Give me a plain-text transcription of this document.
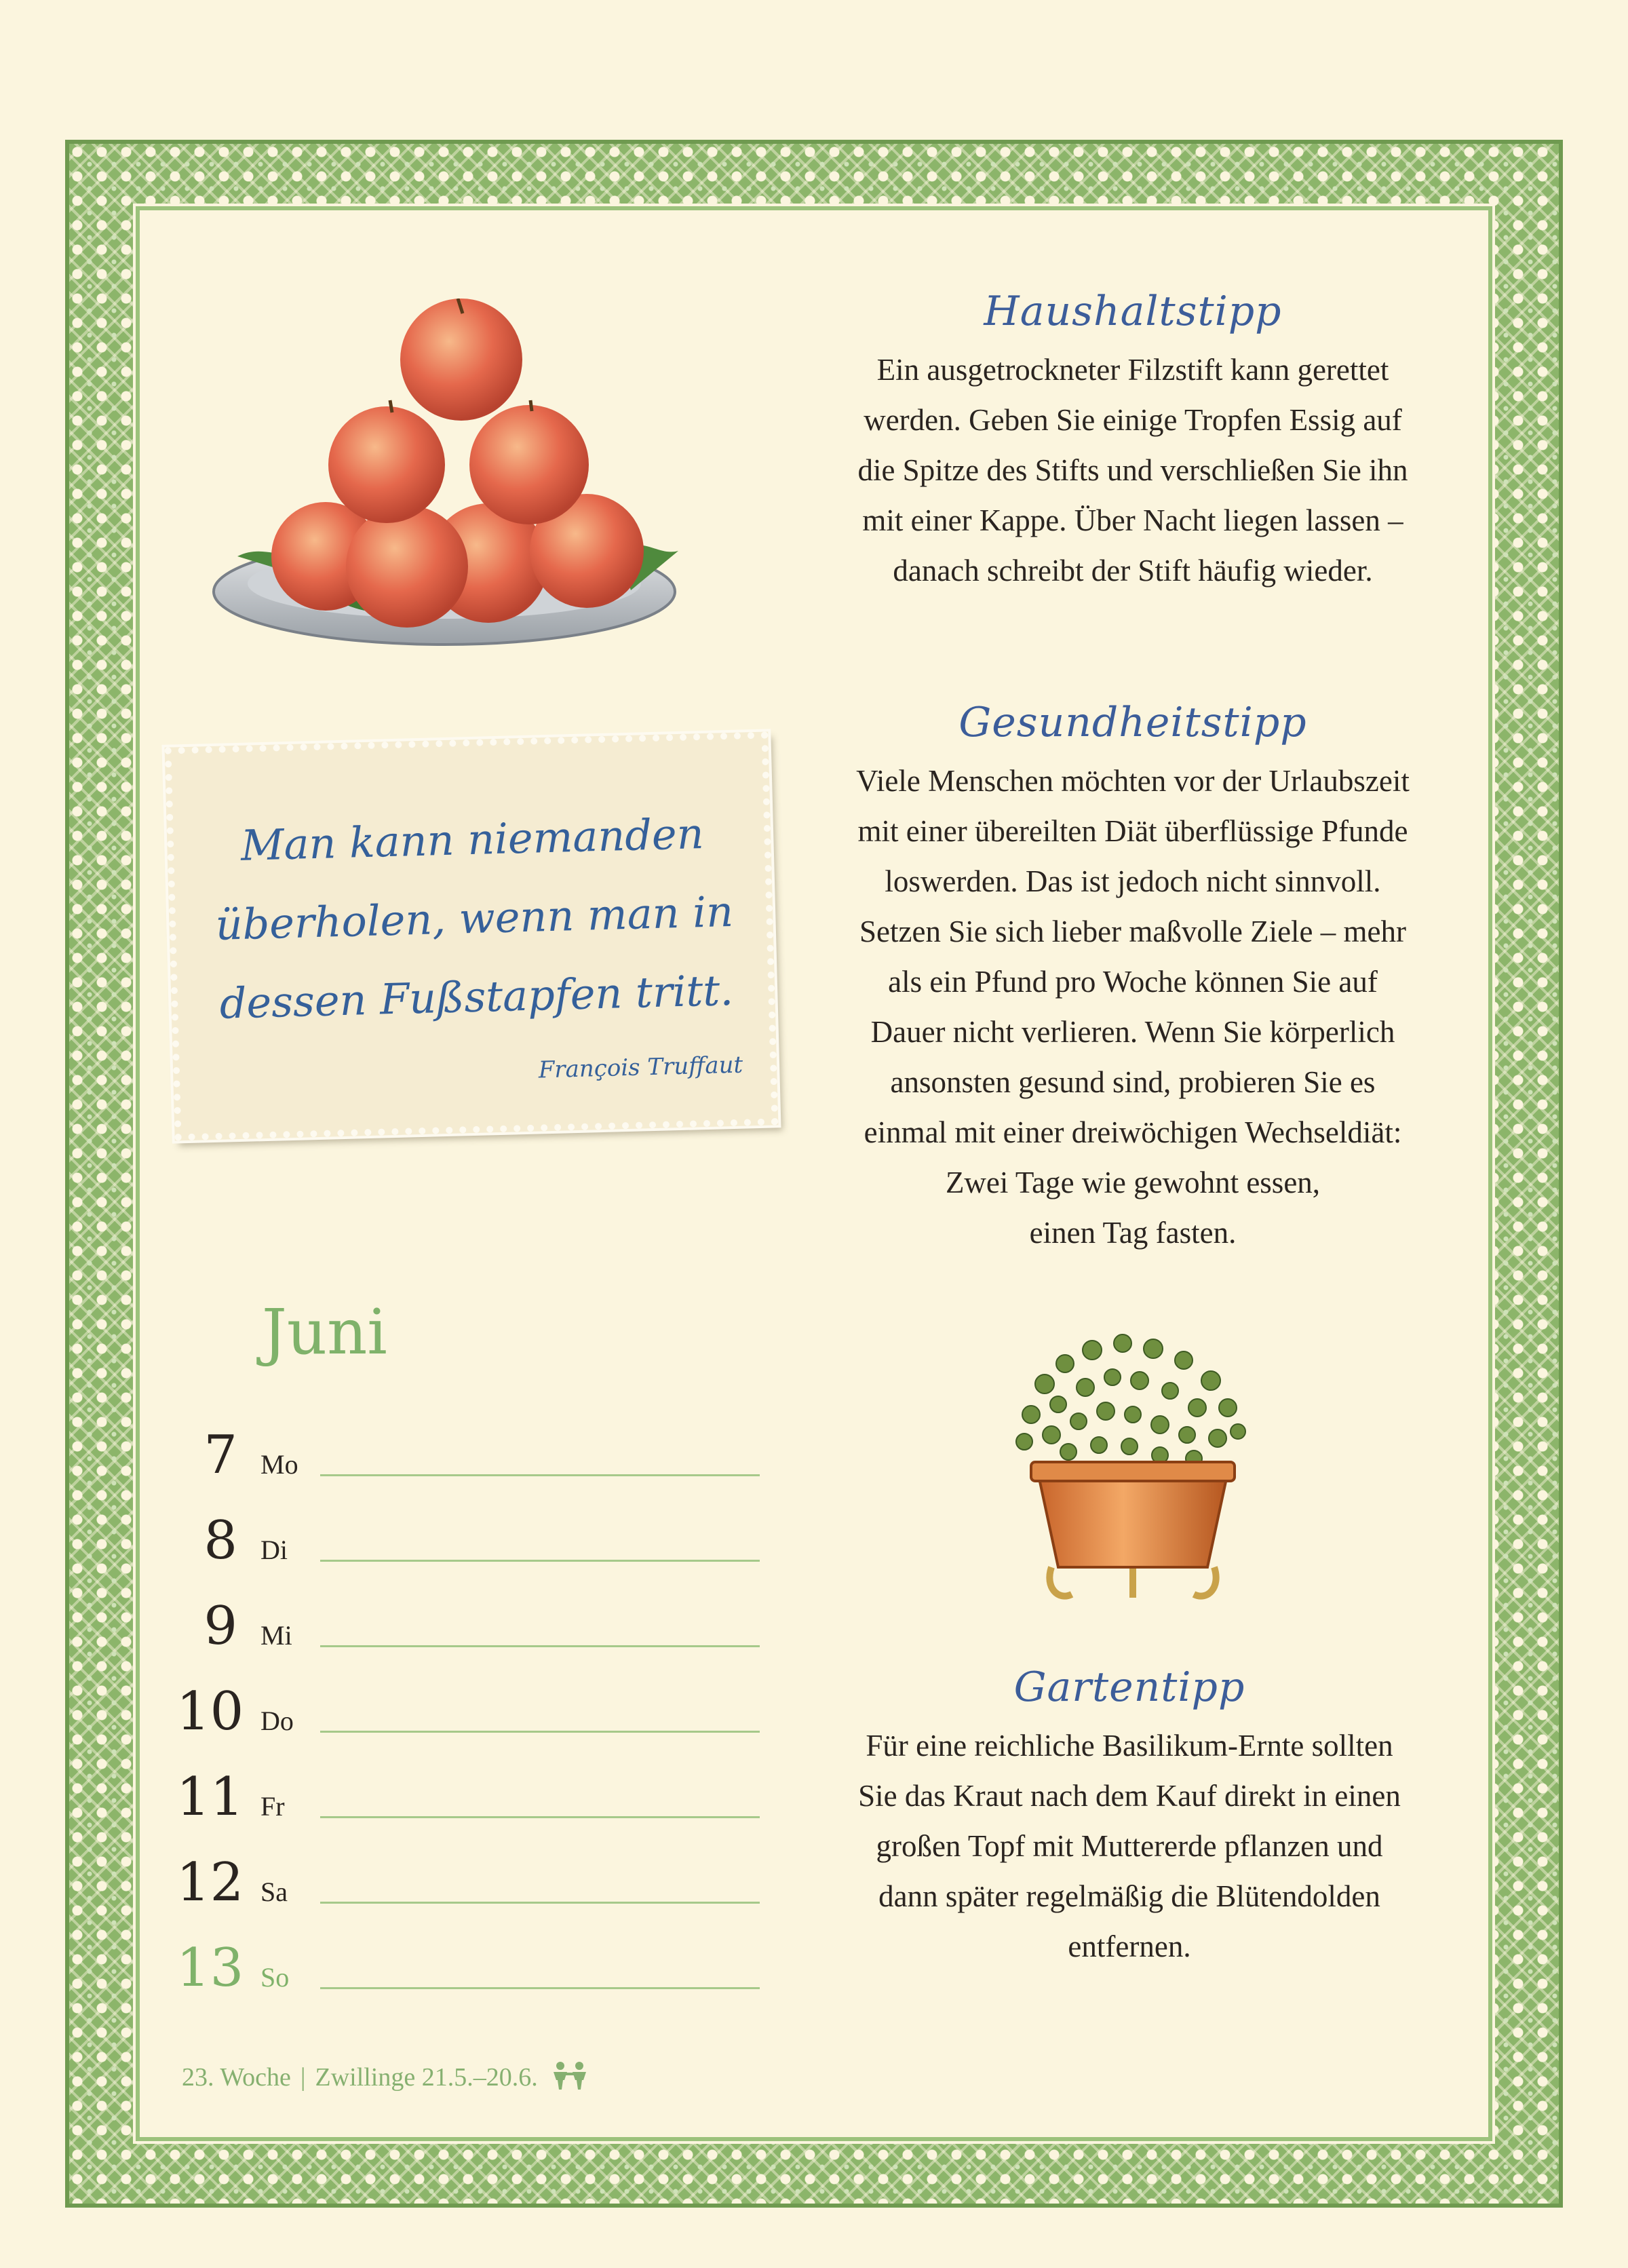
Haushaltstipp

Ein ausgetrockneter Filzstift kann gerettet
werden. Geben Sie einige Tropfen Essig auf
die Spitze des Stifts und verschließen Sie ihn
mit einer Kappe. Über Nacht liegen lassen –
danach schreibt der Stift häufig wieder.

Gesundheitstipp

Viele Menschen möchten vor der Urlaubszeit
mit einer übereilten Diät überflüssige Pfunde
loswerden. Das ist jedoch nicht sinnvoll.
Setzen Sie sich lieber maßvolle Ziele – mehr
als ein Pfund pro Woche können Sie auf
Dauer nicht verlieren. Wenn Sie körperlich
ansonsten gesund sind, probieren Sie es
einmal mit einer dreiwöchigen Wechseldiät:
Zwei Tage wie gewohnt essen,
einen Tag fasten.

Man kann niemanden
überholen, wenn man in
dessen Fußstapfen tritt.
François Truffaut
Gartentipp

Für eine reichliche Basilikum-Ernte sollten
Sie das Kraut nach dem Kauf direkt in einen
großen Topf mit Muttererde pflanzen und
dann später regelmäßig die Blütendolden
entfernen.

Juni
7 Mo
8 Di
9 Mi
10 Do
11 Fr
12 Sa
13 So
23. Woche | Zwillinge 21.5.–20.6.
